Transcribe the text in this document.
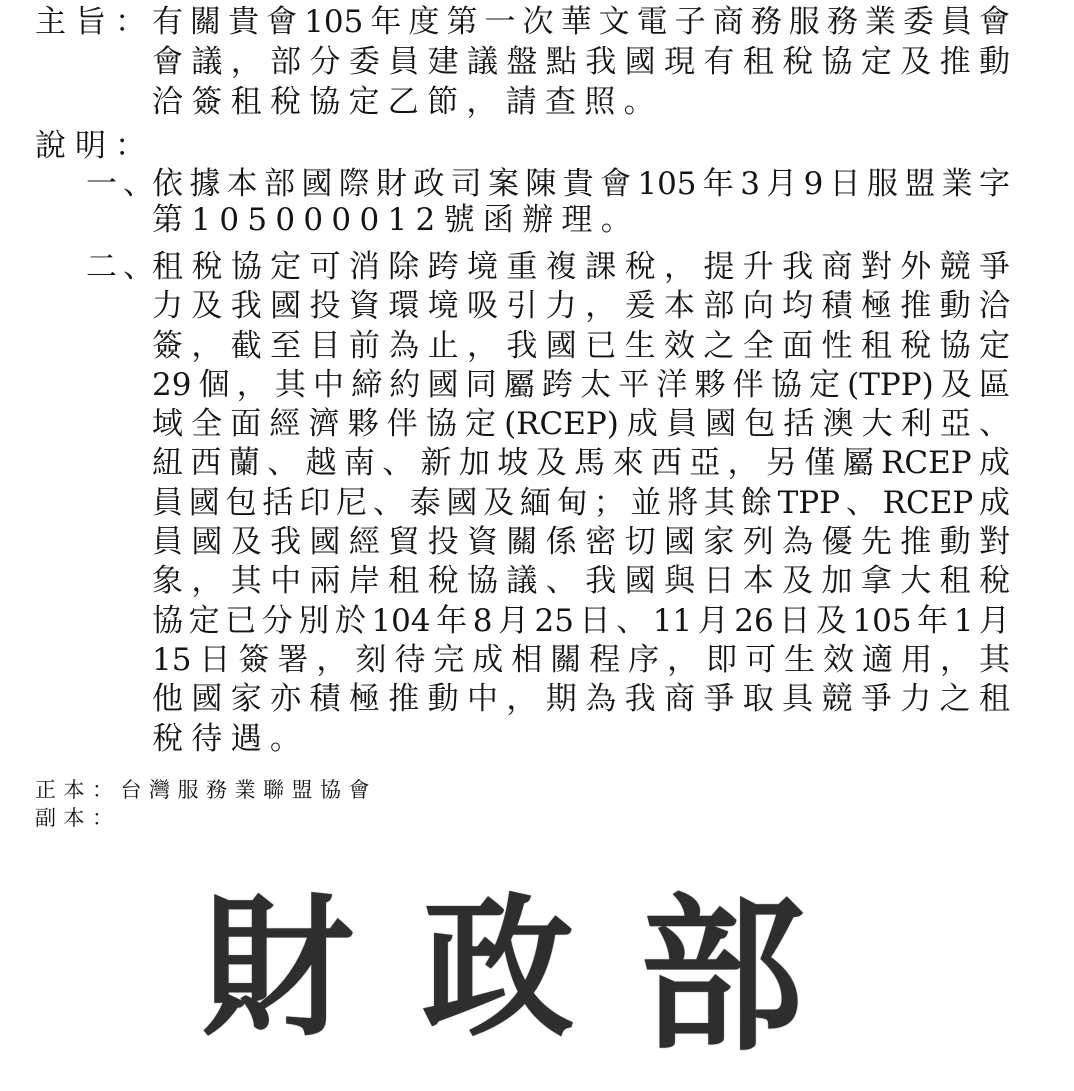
主旨：
有關貴會105年度第一次華文電子商務服務業委員會
會議，部分委員建議盤點我國現有租稅協定及推動
洽簽租稅協定乙節，請查照。
說明：
一、
依據本部國際財政司案陳貴會105年3月9日服盟業字
第105000012號函辦理。
二、
租稅協定可消除跨境重複課稅，提升我商對外競爭
力及我國投資環境吸引力，爰本部向均積極推動洽
簽，截至目前為止，我國已生效之全面性租稅協定
29個，其中締約國同屬跨太平洋夥伴協定(TPP)及區
域全面經濟夥伴協定(RCEP)成員國包括澳大利亞、
紐西蘭、越南、新加坡及馬來西亞，另僅屬RCEP成
員國包括印尼、泰國及緬甸；並將其餘TPP、RCEP成
員國及我國經貿投資關係密切國家列為優先推動對
象，其中兩岸租稅協議、我國與日本及加拿大租稅
協定已分別於104年8月25日、11月26日及105年1月
15日簽署，刻待完成相關程序，即可生效適用，其
他國家亦積極推動中，期為我商爭取具競爭力之租
稅待遇。
正本：台灣服務業聯盟協會
副本：
財 政 部
